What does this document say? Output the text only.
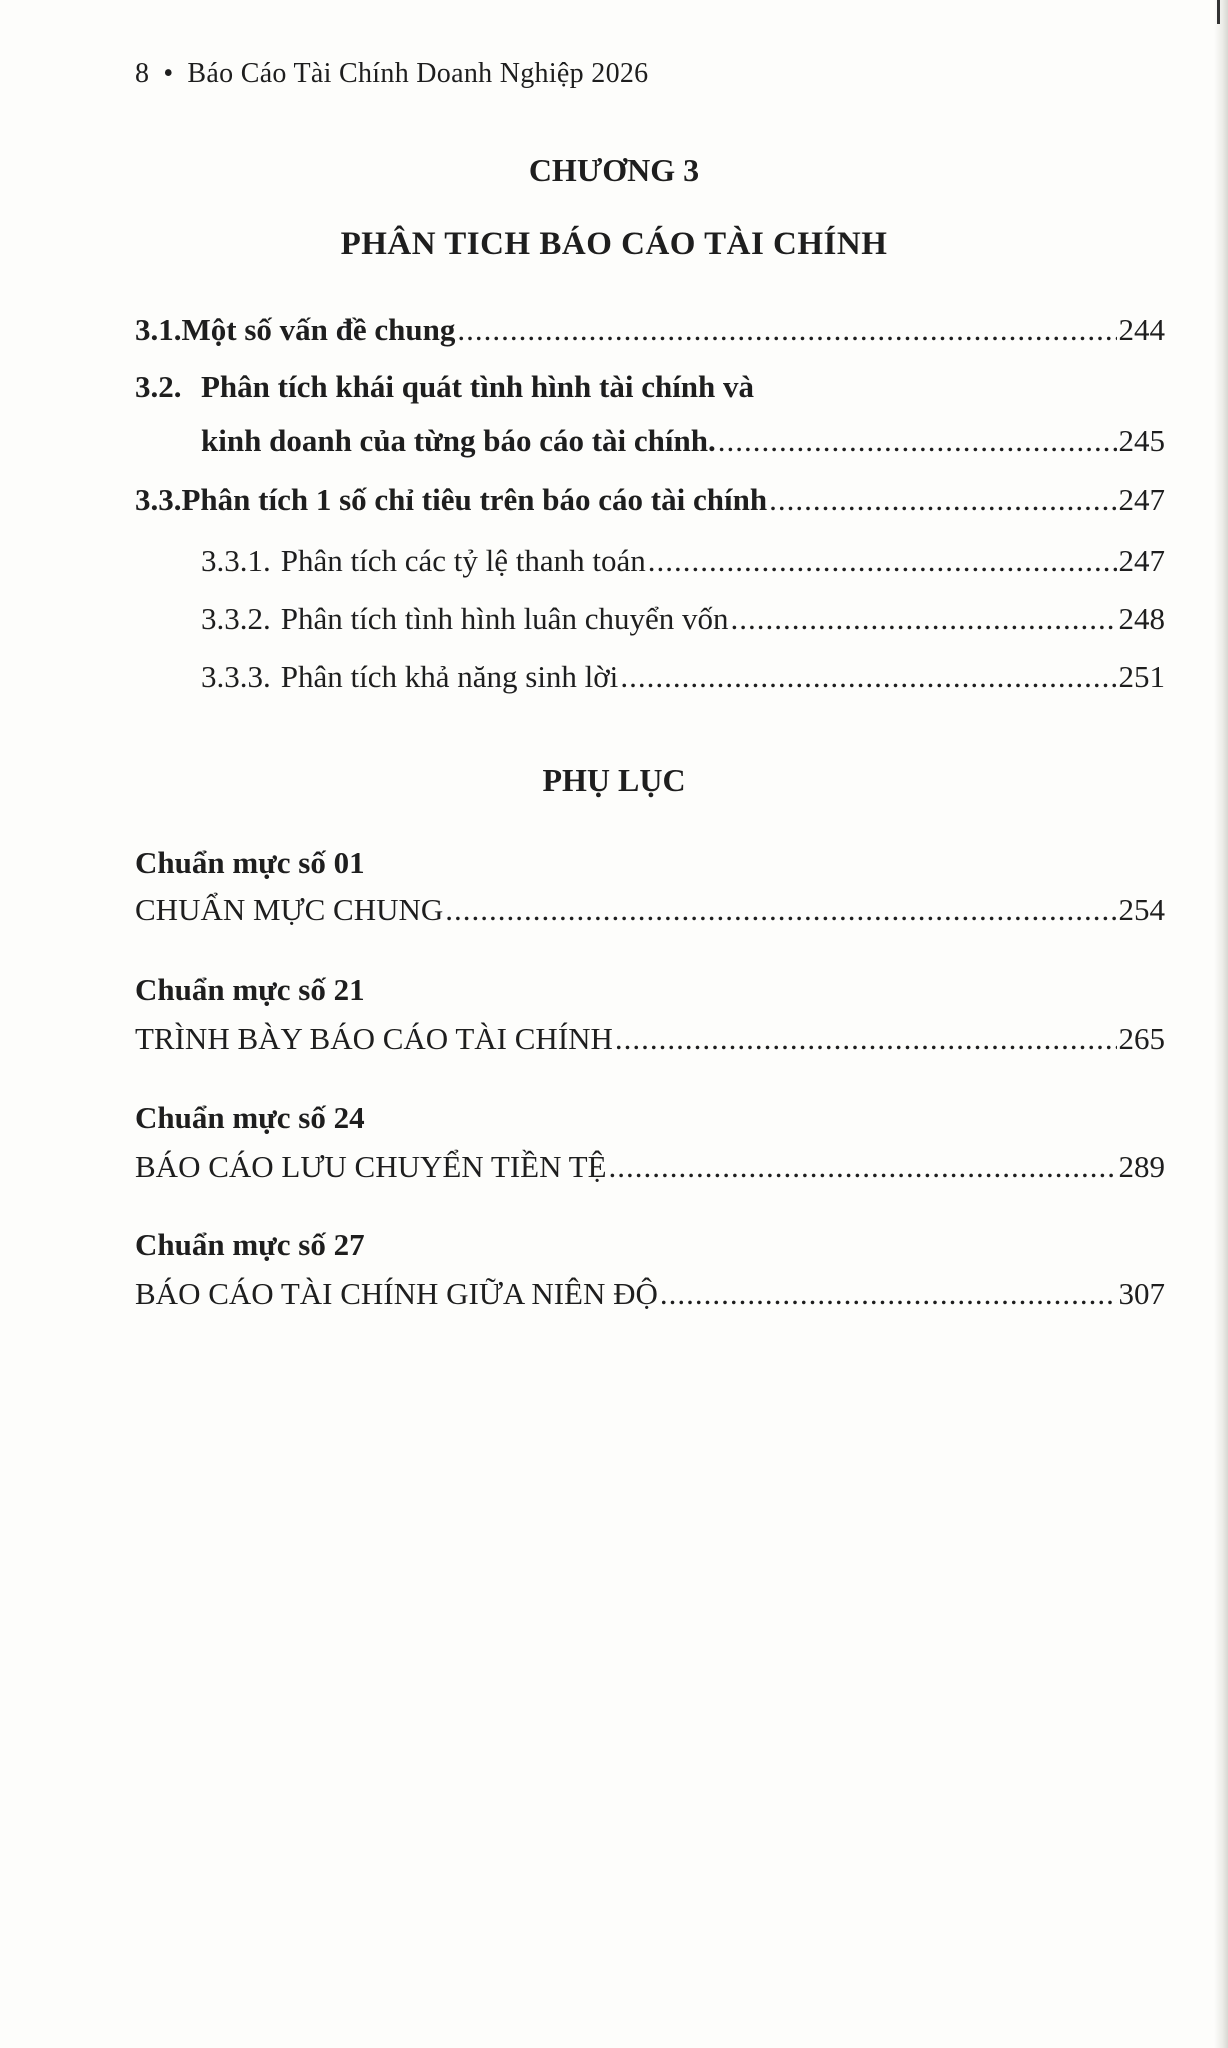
8 • Báo Cáo Tài Chính Doanh Nghiệp 2026
CHƯƠNG 3
PHÂN TICH BÁO CÁO TÀI CHÍNH
3.1. Một số vấn đề chung .....	244
3.2. Phân tích khái quát tình hình tài chính và
kinh doanh của từng báo cáo tài chính. .....	245
3.3. Phân tích 1 số chỉ tiêu trên báo cáo tài chính .....	247
3.3.1. Phân tích các tỷ lệ thanh toán .....	247
3.3.2. Phân tích tình hình luân chuyển vốn .....	248
3.3.3. Phân tích khả năng sinh lời .....	251
PHỤ LỤC
Chuẩn mực số 01
CHUẨN MỰC CHUNG .....	254
Chuẩn mực số 21
TRÌNH BÀY BÁO CÁO TÀI CHÍNH .....	265
Chuẩn mực số 24
BÁO CÁO LƯU CHUYỂN TIỀN TỆ .....	289
Chuẩn mực số 27
BÁO CÁO TÀI CHÍNH GIỮA NIÊN ĐỘ .....	307
